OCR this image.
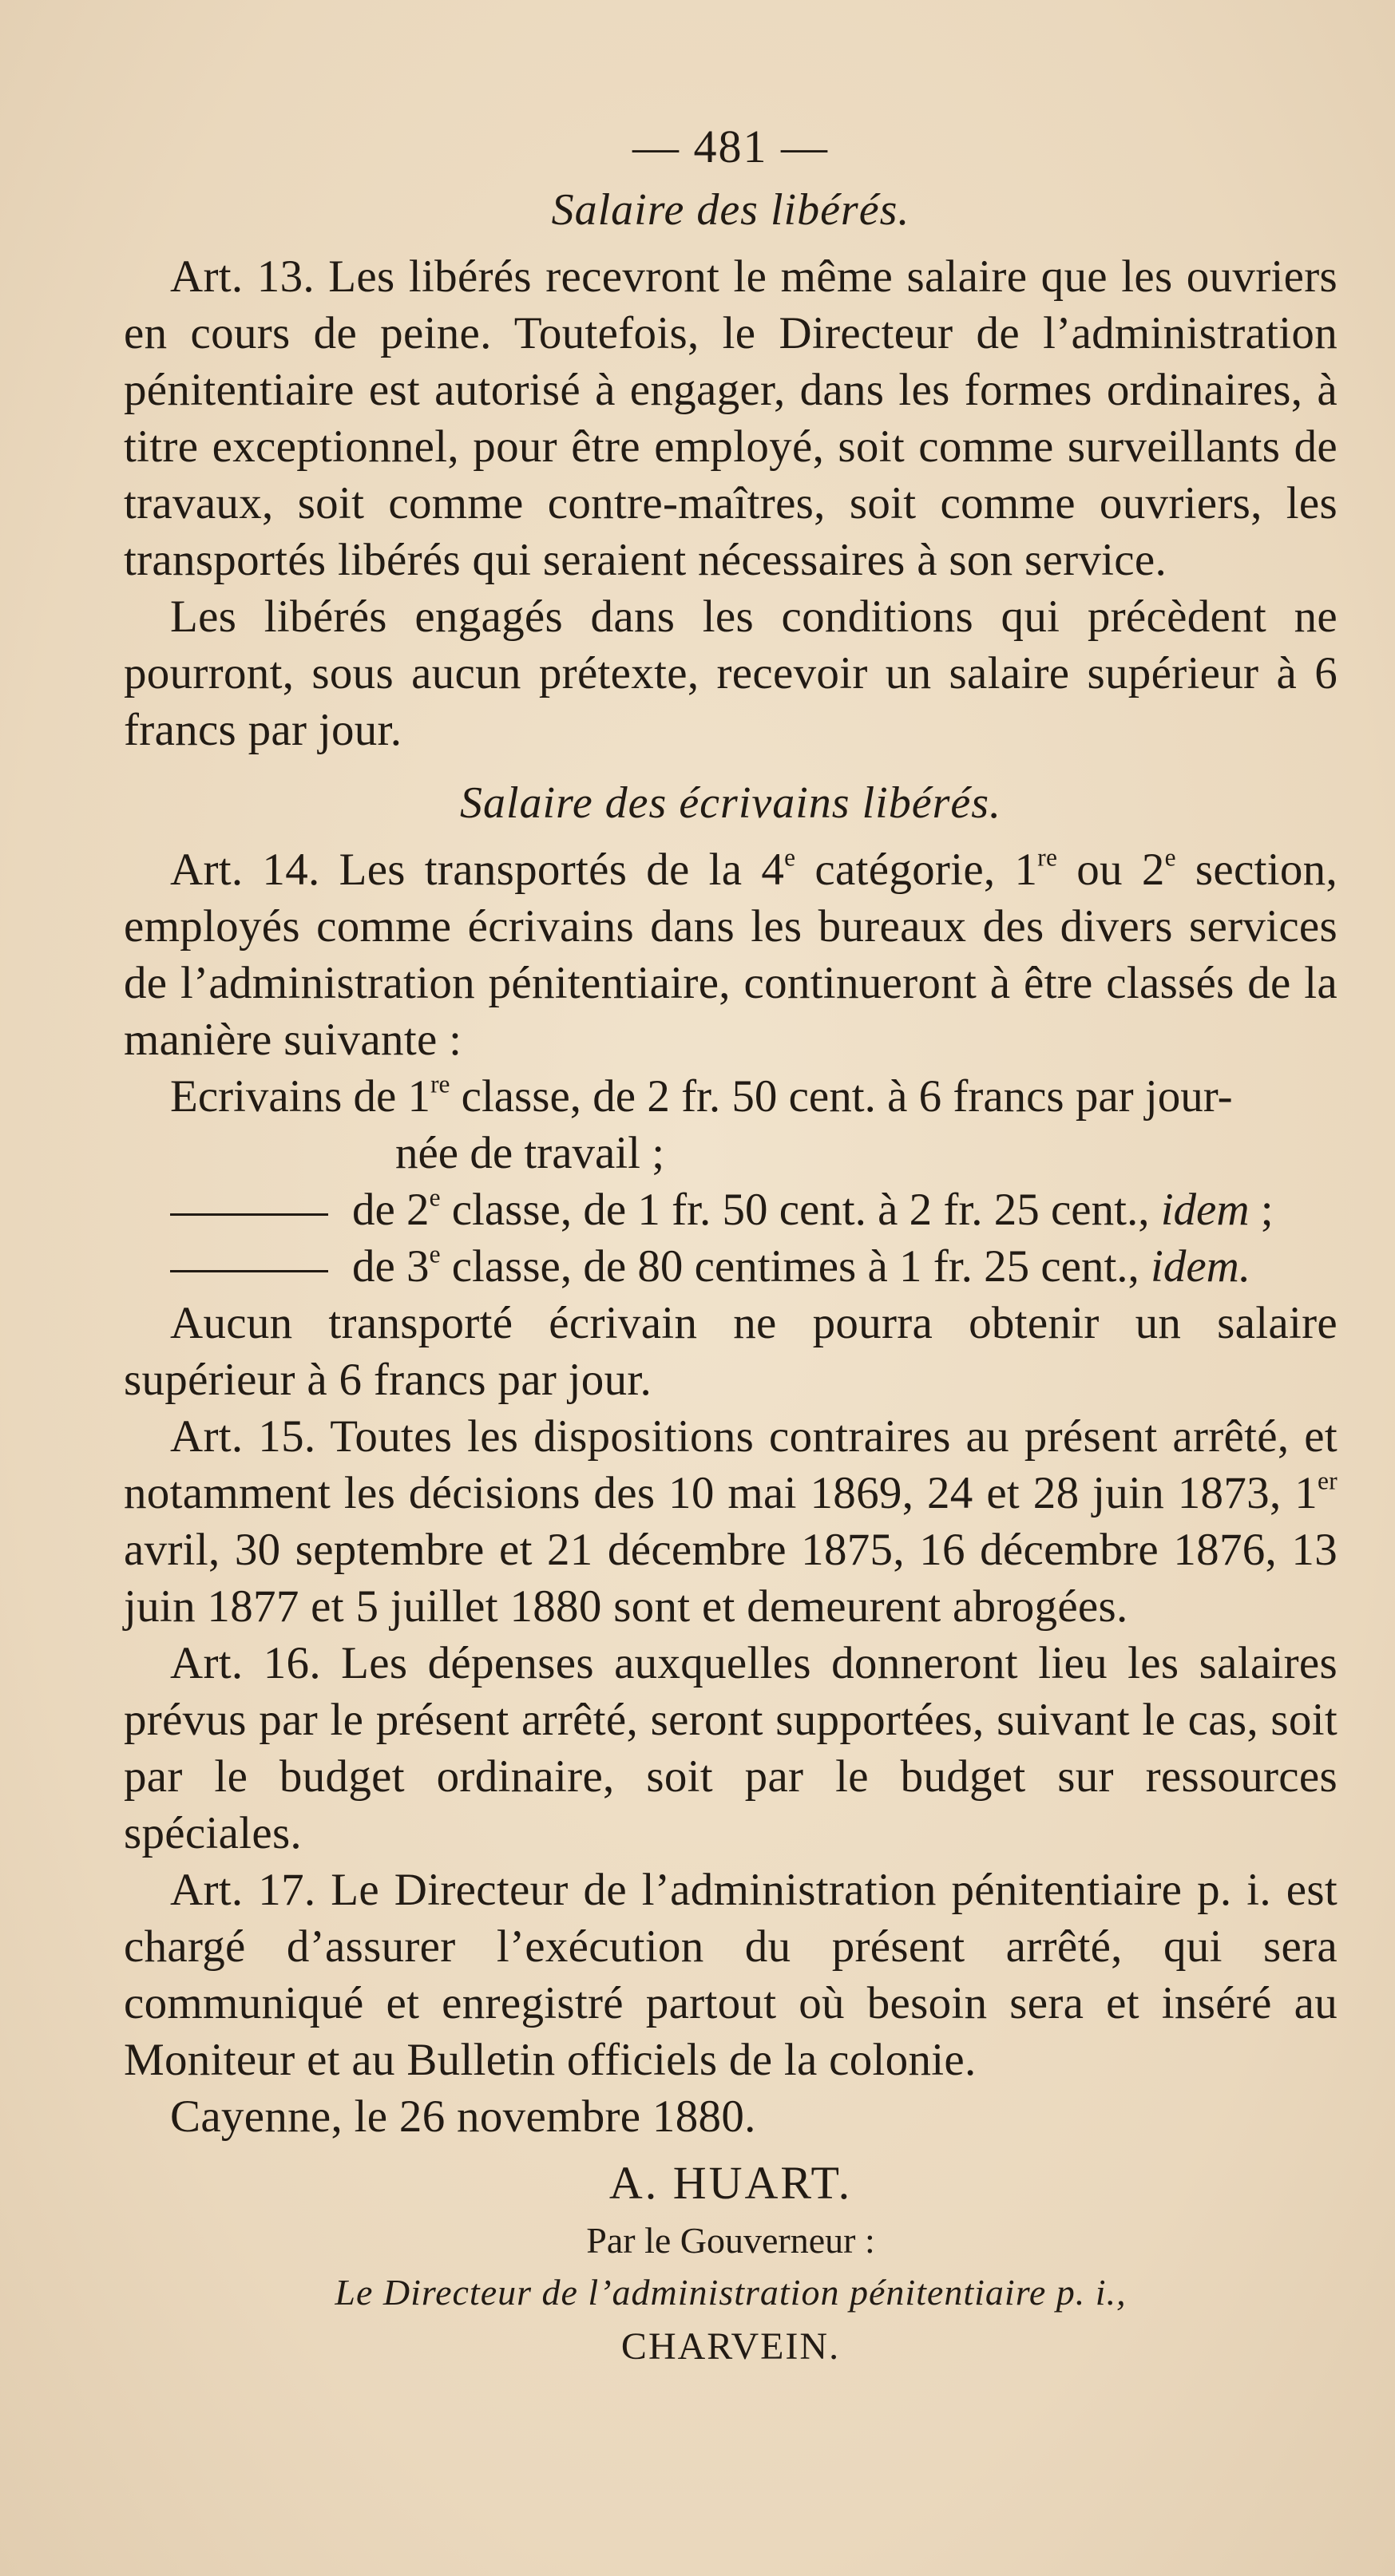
— 481 —

Salaire des libérés.

Art. 13. Les libérés recevront le même salaire que les ouvriers en cours de peine. Toutefois, le Directeur de l’administration pénitentiaire est autorisé à engager, dans les formes ordinaires, à titre exceptionnel, pour être employé, soit comme surveillants de travaux, soit comme contre-maîtres, soit comme ouvriers, les transportés libérés qui seraient nécessaires à son service.

Les libérés engagés dans les conditions qui précèdent ne pourront, sous aucun prétexte, recevoir un salaire supérieur à 6 francs par jour.

Salaire des écrivains libérés.

Art. 14. Les transportés de la 4e catégorie, 1re ou 2e section, employés comme écrivains dans les bureaux des divers services de l’administration pénitentiaire, continueront à être classés de la manière suivante :

Ecrivains de 1re classe, de 2 fr. 50 cent. à 6 francs par jour-

née de travail ;

de 2e classe, de 1 fr. 50 cent. à 2 fr. 25 cent., idem ;

de 3e classe, de 80 centimes à 1 fr. 25 cent., idem.

Aucun transporté écrivain ne pourra obtenir un salaire supérieur à 6 francs par jour.

Art. 15. Toutes les dispositions contraires au présent arrêté, et notamment les décisions des 10 mai 1869, 24 et 28 juin 1873, 1er avril, 30 septembre et 21 décembre 1875, 16 décembre 1876, 13 juin 1877 et 5 juillet 1880 sont et demeurent abrogées.

Art. 16. Les dépenses auxquelles donneront lieu les salaires prévus par le présent arrêté, seront supportées, suivant le cas, soit par le budget ordinaire, soit par le budget sur ressources spéciales.

Art. 17. Le Directeur de l’administration pénitentiaire p. i. est chargé d’assurer l’exécution du présent arrêté, qui sera communiqué et enregistré partout où besoin sera et inséré au Moniteur et au Bulletin officiels de la colonie.

Cayenne, le 26 novembre 1880.

A. HUART.

Par le Gouverneur :

Le Directeur de l’administration pénitentiaire p. i.,

CHARVEIN.
